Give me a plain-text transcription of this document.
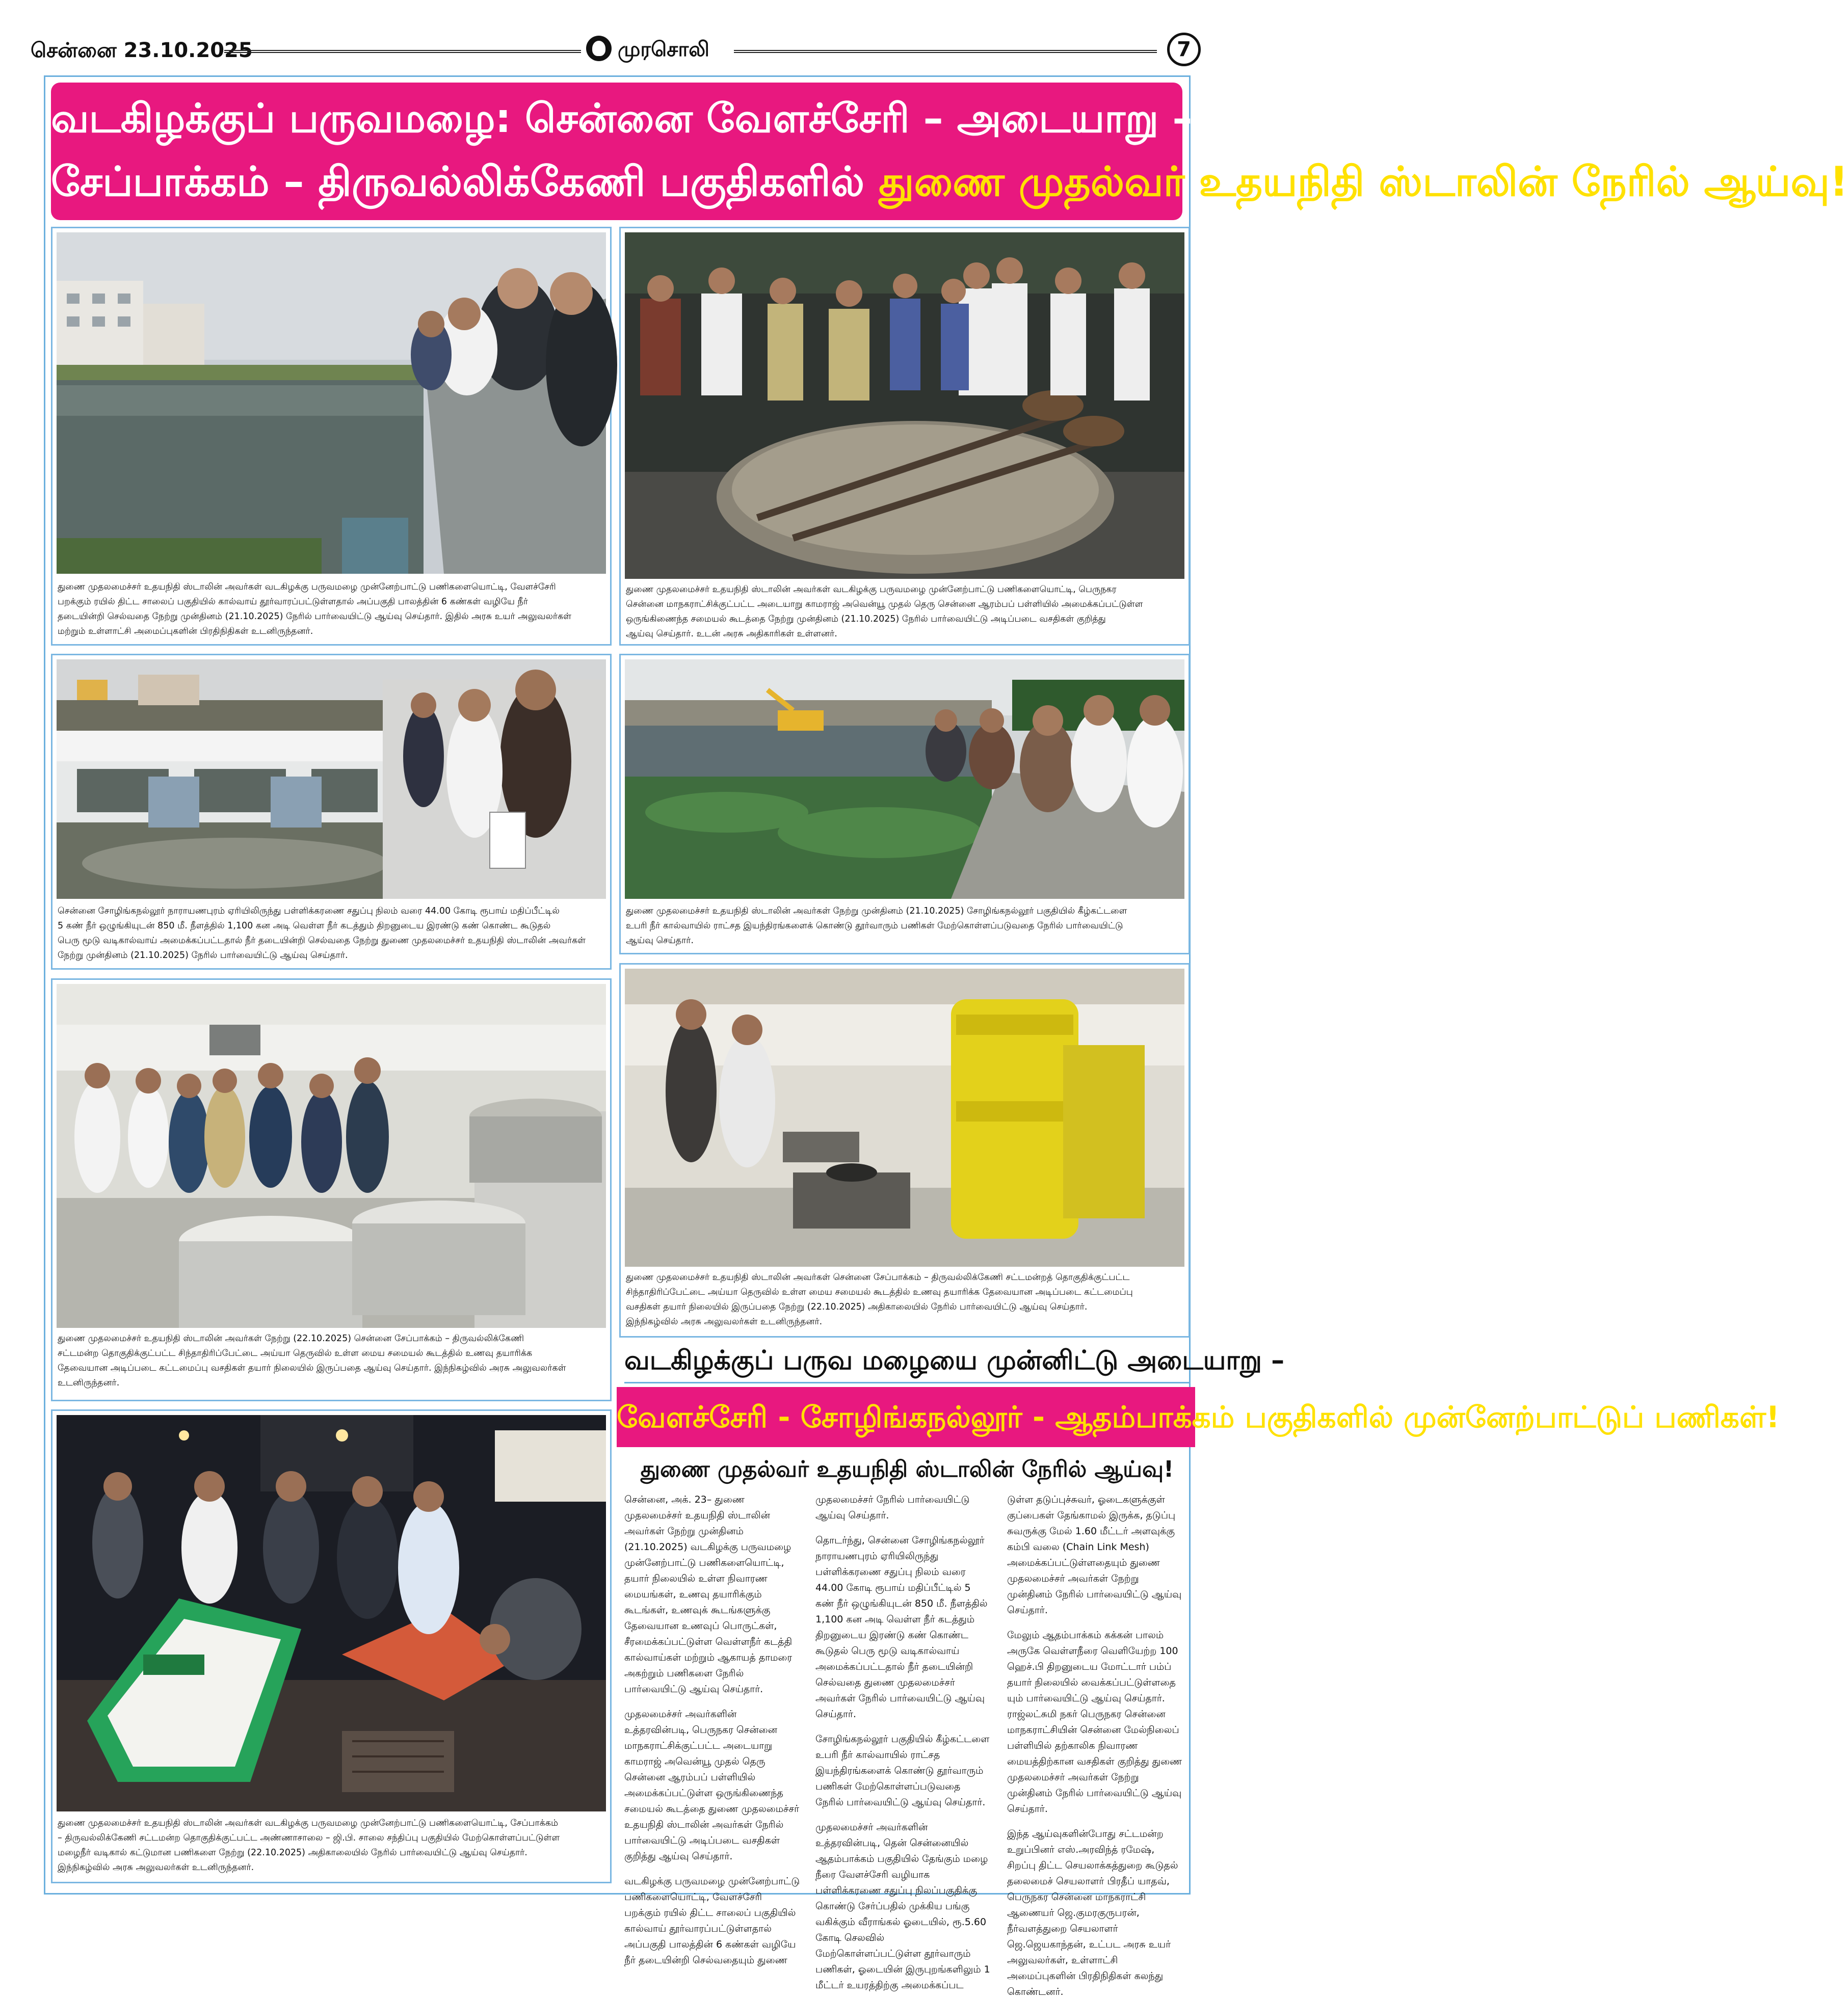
சென்னை 23.10.2025	முரசொலி	7
வடகிழக்குப் பருவமழை: சென்னை வேளச்சேரி – அடையாறு – பள்ளிக்கரணை – ஆதம்பாக்கம் –
சேப்பாக்கம் – திருவல்லிக்கேணி பகுதிகளில் துணை முதல்வர் உதயநிதி ஸ்டாலின் நேரில் ஆய்வு!
துணை முதலமைச்சர் உதயநிதி ஸ்டாலின் அவர்கள் வடகிழக்கு பருவமழை முன்னேற்பாட்டு பணிகளையொட்டி, வேளச்சேரி
பறக்கும் ரயில் திட்ட சாலைப் பகுதியில் கால்வாய் தூர்வாரப்பட்டுள்ளதால் அப்பகுதி பாலத்தின் 6 கண்கள் வழியே நீர்
தடையின்றி செல்வதை நேற்று முன்தினம் (21.10.2025) நேரில் பார்வையிட்டு ஆய்வு செய்தார். இதில் அரசு உயர் அலுவலர்கள்
மற்றும் உள்ளாட்சி அமைப்புகளின் பிரதிநிதிகள் உடனிருந்தனர்.
துணை முதலமைச்சர் உதயநிதி ஸ்டாலின் அவர்கள் வடகிழக்கு பருவமழை முன்னேற்பாட்டு பணிகளையொட்டி, பெருநகர
சென்னை மாநகராட்சிக்குட்பட்ட அடையாறு காமராஜ் அவென்யூ முதல் தெரு சென்னை ஆரம்பப் பள்ளியில் அமைக்கப்பட்டுள்ள
ஒருங்கிணைந்த சமையல் கூடத்தை நேற்று முன்தினம் (21.10.2025) நேரில் பார்வையிட்டு அடிப்படை வசதிகள் குறித்து
ஆய்வு செய்தார். உடன் அரசு அதிகாரிகள் உள்ளனர்.
சென்னை சோழிங்கநல்லூர் நாராயணபுரம் ஏரியிலிருந்து பள்ளிக்கரணை சதுப்பு நிலம் வரை 44.00 கோடி ரூபாய் மதிப்பீட்டில்
5 கண் நீர் ஒழுங்கியுடன் 850 மீ. நீளத்தில் 1,100 கன அடி வெள்ள நீர் கடத்தும் திறனுடைய இரண்டு கண் கொண்ட கூடுதல்
பெரு மூடு வடிகால்வாய் அமைக்கப்பட்டதால் நீர் தடையின்றி செல்வதை நேற்று துணை முதலமைச்சர் உதயநிதி ஸ்டாலின் அவர்கள்
நேற்று முன்தினம் (21.10.2025) நேரில் பார்வையிட்டு ஆய்வு செய்தார்.
துணை முதலமைச்சர் உதயநிதி ஸ்டாலின் அவர்கள் நேற்று முன்தினம் (21.10.2025) சோழிங்கநல்லூர் பகுதியில் கீழ்கட்டளை
உபரி நீர் கால்வாயில் ராட்சத இயந்திரங்களைக் கொண்டு தூர்வாரும் பணிகள் மேற்கொள்ளப்படுவதை நேரில் பார்வையிட்டு
ஆய்வு செய்தார்.
துணை முதலமைச்சர் உதயநிதி ஸ்டாலின் அவர்கள் நேற்று (22.10.2025) சென்னை சேப்பாக்கம் – திருவல்லிக்கேணி
சட்டமன்ற தொகுதிக்குட்பட்ட சிந்தாதிரிப்பேட்டை அய்யா தெருவில் உள்ள மைய சமையல் கூடத்தில் உணவு தயாரிக்க
தேவையான அடிப்படை கட்டமைப்பு வசதிகள் தயார் நிலையில் இருப்பதை ஆய்வு செய்தார். இந்நிகழ்வில் அரசு அலுவலர்கள்
உடனிருந்தனர்.
துணை முதலமைச்சர் உதயநிதி ஸ்டாலின் அவர்கள் சென்னை சேப்பாக்கம் – திருவல்லிக்கேணி சட்டமன்றத் தொகுதிக்குட்பட்ட
சிந்தாதிரிப்பேட்டை அய்யா தெருவில் உள்ள மைய சமையல் கூடத்தில் உணவு தயாரிக்க தேவையான அடிப்படை கட்டமைப்பு
வசதிகள் தயார் நிலையில் இருப்பதை நேற்று (22.10.2025) அதிகாலையில் நேரில் பார்வையிட்டு ஆய்வு செய்தார்.
இந்நிகழ்வில் அரசு அலுவலர்கள் உடனிருந்தனர்.
துணை முதலமைச்சர் உதயநிதி ஸ்டாலின் அவர்கள் வடகிழக்கு பருவமழை முன்னேற்பாட்டு பணிகளையொட்டி, சேப்பாக்கம்
– திருவல்லிக்கேணி சட்டமன்ற தொகுதிக்குட்பட்ட அண்ணாசாலை – ஜி.பி. சாலை சந்திப்பு பகுதியில் மேற்கொள்ளப்பட்டுள்ள
மழைநீர் வடிகால் கட்டுமான பணிகளை நேற்று (22.10.2025) அதிகாலையில் நேரில் பார்வையிட்டு ஆய்வு செய்தார்.
இந்நிகழ்வில் அரசு அலுவலர்கள் உடனிருந்தனர்.
வடகிழக்குப் பருவ மழையை முன்னிட்டு அடையாறு –
வேளச்சேரி - சோழிங்கநல்லூர் - ஆதம்பாக்கம் பகுதிகளில் முன்னேற்பாட்டுப் பணிகள்!
துணை முதல்வர் உதயநிதி ஸ்டாலின் நேரில் ஆய்வு!

சென்னை, அக். 23– துணை முதலமைச்சர் உதயநிதி ஸ்டாலின் அவர்கள் நேற்று முன்தினம் (21.10.2025) வடகிழக்கு பருவமழை முன்னேற்பாட்டு பணிகளையொட்டி, தயார் நிலையில் உள்ள நிவாரண மையங்கள், உணவு தயாரிக்கும் கூடங்கள், உணவுக் கூடங்களுக்கு தேவையான உணவுப் பொருட்கள், சீரமைக்கப்பட்டுள்ள வெள்ளநீர் கடத்தி கால்வாய்கள் மற்றும் ஆகாயத் தாமரை அகற்றும் பணிகளை நேரில் பார்வையிட்டு ஆய்வு செய்தார்.

முதலமைச்சர் அவர்களின் உத்தரவின்படி, பெருநகர சென்னை மாநகராட்சிக்குட்பட்ட அடையாறு காமராஜ் அவென்யூ முதல் தெரு சென்னை ஆரம்பப் பள்ளியில் அமைக்கப்பட்டுள்ள ஒருங்கிணைந்த சமையல் கூடத்தை துணை முதலமைச்சர் உதயநிதி ஸ்டாலின் அவர்கள் நேரில் பார்வையிட்டு அடிப்படை வசதிகள் குறித்து ஆய்வு செய்தார்.

வடகிழக்கு பருவமழை முன்னேற்பாட்டு பணிகளையொட்டி, வேளச்சேரி பறக்கும் ரயில் திட்ட சாலைப் பகுதியில் கால்வாய் தூர்வாரப்பட்டுள்ளதால் அப்பகுதி பாலத்தின் 6 கண்கள் வழியே நீர் தடையின்றி செல்வதையும் துணை

முதலமைச்சர் நேரில் பார்வையிட்டு ஆய்வு செய்தார்.

தொடர்ந்து, சென்னை சோழிங்கநல்லூர் நாராயணபுரம் ஏரியிலிருந்து பள்ளிக்கரணை சதுப்பு நிலம் வரை 44.00 கோடி ரூபாய் மதிப்பீட்டில் 5 கண் நீர் ஒழுங்கியுடன் 850 மீ. நீளத்தில் 1,100 கன அடி வெள்ள நீர் கடத்தும் திறனுடைய இரண்டு கண் கொண்ட கூடுதல் பெரு மூடு வடிகால்வாய் அமைக்கப்பட்டதால் நீர் தடையின்றி செல்வதை துணை முதலமைச்சர் அவர்கள் நேரில் பார்வையிட்டு ஆய்வு செய்தார்.

சோழிங்கநல்லூர் பகுதியில் கீழ்கட்டளை உபரி நீர் கால்வாயில் ராட்சத இயந்திரங்களைக் கொண்டு தூர்வாரும் பணிகள் மேற்கொள்ளப்படுவதை நேரில் பார்வையிட்டு ஆய்வு செய்தார்.

முதலமைச்சர் அவர்களின் உத்தரவின்படி, தென் சென்னையில் ஆதம்பாக்கம் பகுதியில் தேங்கும் மழை நீரை வேளச்சேரி வழியாக பள்ளிக்கரணை சதுப்பு நிலப்பகுதிக்கு கொண்டு சேர்ப்பதில் முக்கிய பங்கு வகிக்கும் வீராங்கல் ஓடையில், ரூ.5.60 கோடி செலவில் மேற்கொள்ளப்பட்டுள்ள தூர்வாரும் பணிகள், ஓடையின் இருபுறங்களிலும் 1 மீட்டர் உயரத்திற்கு அமைக்கப்பட

டுள்ள தடுப்புச்சுவர், ஓடைகளுக்குள் குப்பைகள் தேங்காமல் இருக்க, தடுப்பு சுவருக்கு மேல் 1.60 மீட்டர் அளவுக்கு கம்பி வலை (Chain Link Mesh) அமைக்கப்பட்டுள்ளதையும் துணை முதலமைச்சர் அவர்கள் நேற்று முன்தினம் நேரில் பார்வையிட்டு ஆய்வு செய்தார்.

மேலும் ஆதம்பாக்கம் கக்கன் பாலம் அருகே வெள்ளநீரை வெளியேற்ற 100 ஹெச்.பி திறனுடைய மோட்டார் பம்ப் தயார் நிலையில் வைக்கப்பட்டுள்ளதை யும் பார்வையிட்டு ஆய்வு செய்தார். ராஜ்லட்சுமி நகர் பெருநகர சென்னை மாநகராட்சியின் சென்னை மேல்நிலைப் பள்ளியில் தற்காலிக நிவாரண மையத்திற்கான வசதிகள் குறித்து துணை முதலமைச்சர் அவர்கள் நேற்று முன்தினம் நேரில் பார்வையிட்டு ஆய்வு செய்தார்.

இந்த ஆய்வுகளின்போது சட்டமன்ற உறுப்பினர் எஸ்.அரவிந்த் ரமேஷ், சிறப்பு திட்ட செயலாக்கத்துறை கூடுதல் தலைமைச் செயலாளர் பிரதீப் யாதவ், பெருநகர சென்னை மாநகராட்சி ஆணையர் ஜெ.குமரகுருபரன், நீர்வளத்துறை செயலாளர் ஜெ.ஜெயகாந்தன், உட்பட அரசு உயர் அலுவலர்கள், உள்ளாட்சி அமைப்புகளின் பிரதிநிதிகள் கலந்து கொண்டனர்.
